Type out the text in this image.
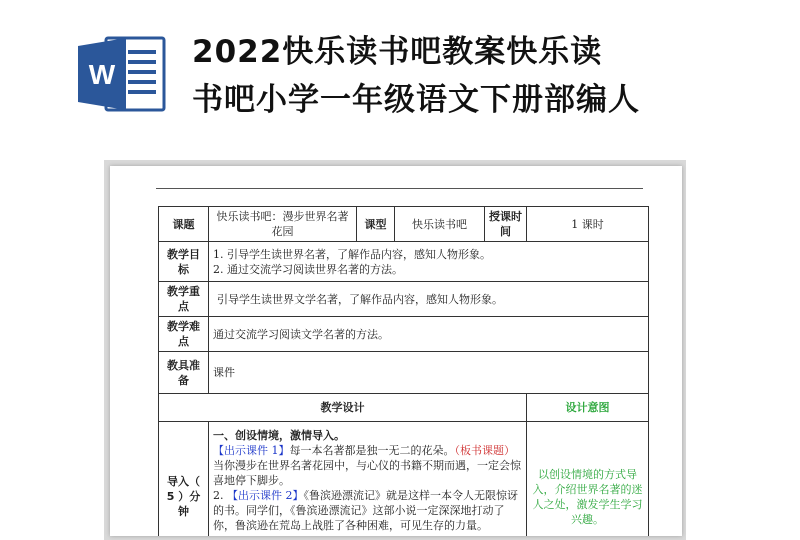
W
2022快乐读书吧教案快乐读
书吧小学一年级语文下册部编人
课题	快乐读书吧：漫步世界名著花园	课型	快乐读书吧	授课时间	1 课时
教学目标	1. 引导学生读世界名著，了解作品内容，感知人物形象。
2. 通过交流学习阅读世界名著的方法。				

教学重点	引导学生读世界文学名著，了解作品内容，感知人物形象。				
教学难点	通过交流学习阅读文学名著的方法。				
教具准备	课件				
教学设计					设计意图
导入（ 5 ）分钟	一、创设情境，激情导入。

【出示课件 1】每一本名著都是独一无二的花朵。（板书课题）当你漫步在世界名著花园中，与心仪的书籍不期而遇，一定会惊喜地停下脚步。

2. 【出示课件 2】《鲁滨逊漂流记》就是这样一本令人无限惊讶的书。同学们，《鲁滨逊漂流记》这部小说一定深深地打动了你，鲁滨逊在荒岛上战胜了各种困难，可见生存的力量。				以创设情境的方式导入，介绍世界名著的迷人之处，激发学生学习兴趣。
